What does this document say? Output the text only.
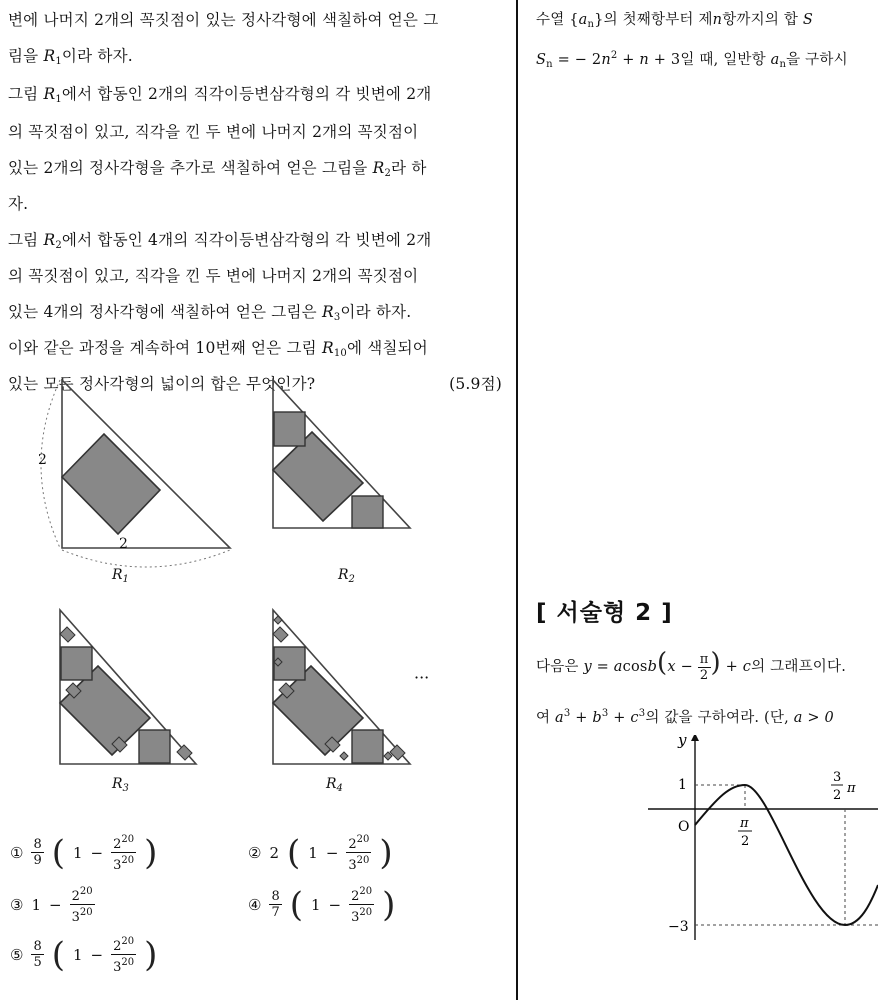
변에 나머지 2개의 꼭짓점이 있는 정사각형에 색칠하여 얻은 그
림을 $R_1$이라 하자.
그림 $R_1$에서 합동인 2개의 직각이등변삼각형의 각 빗변에 2개
의 꼭짓점이 있고, 직각을 낀 두 변에 나머지 2개의 꼭짓점이
있는 2개의 정사각형을 추가로 색칠하여 얻은 그림을 $R_2$라 하
자.
그림 $R_2$에서 합동인 4개의 직각이등변삼각형의 각 빗변에 2개
의 꼭짓점이 있고, 직각을 낀 두 변에 나머지 2개의 꼭짓점이
있는 4개의 정사각형에 색칠하여 얻은 그림은 $R_3$이라 하자.
이와 같은 과정을 계속하여 10번째 얻은 그림 $R_{10}$에 색칠되어
있는 모든 정사각형의 넓이의 합은 무엇인가?	(5.9점)
2
2
$R_1$	$R_2$
$R_3$	$R_4$
···
① $\frac{8}{9}$ ( $1 - \frac{2^{20}}{3^{20}}$ )	② 2 ( $1 - \frac{2^{20}}{3^{20}}$ )
③ $1 - \frac{2^{20}}{3^{20}}$	④ $\frac{8}{7}$ ( $1 - \frac{2^{20}}{3^{20}}$ )
⑤ $\frac{8}{5}$ ( $1 - \frac{2^{20}}{3^{20}}$ )
수열 $\{a_n\}$의 첫째항부터 제n항까지의 합 S
$S_n$ = − $2n^2 + n + 3$일 때, 일반항 $a_n$을 구하시
[ 서술형 2 ]
다음은 $y = acosb(x - \frac{\pi}{2}$ ) + c의 그래프이다.
여 $a^3 + b^3 + c^3$의 값을 구하여라. (단, a > 0
y
1
O
−3
π
2
3
2 π
